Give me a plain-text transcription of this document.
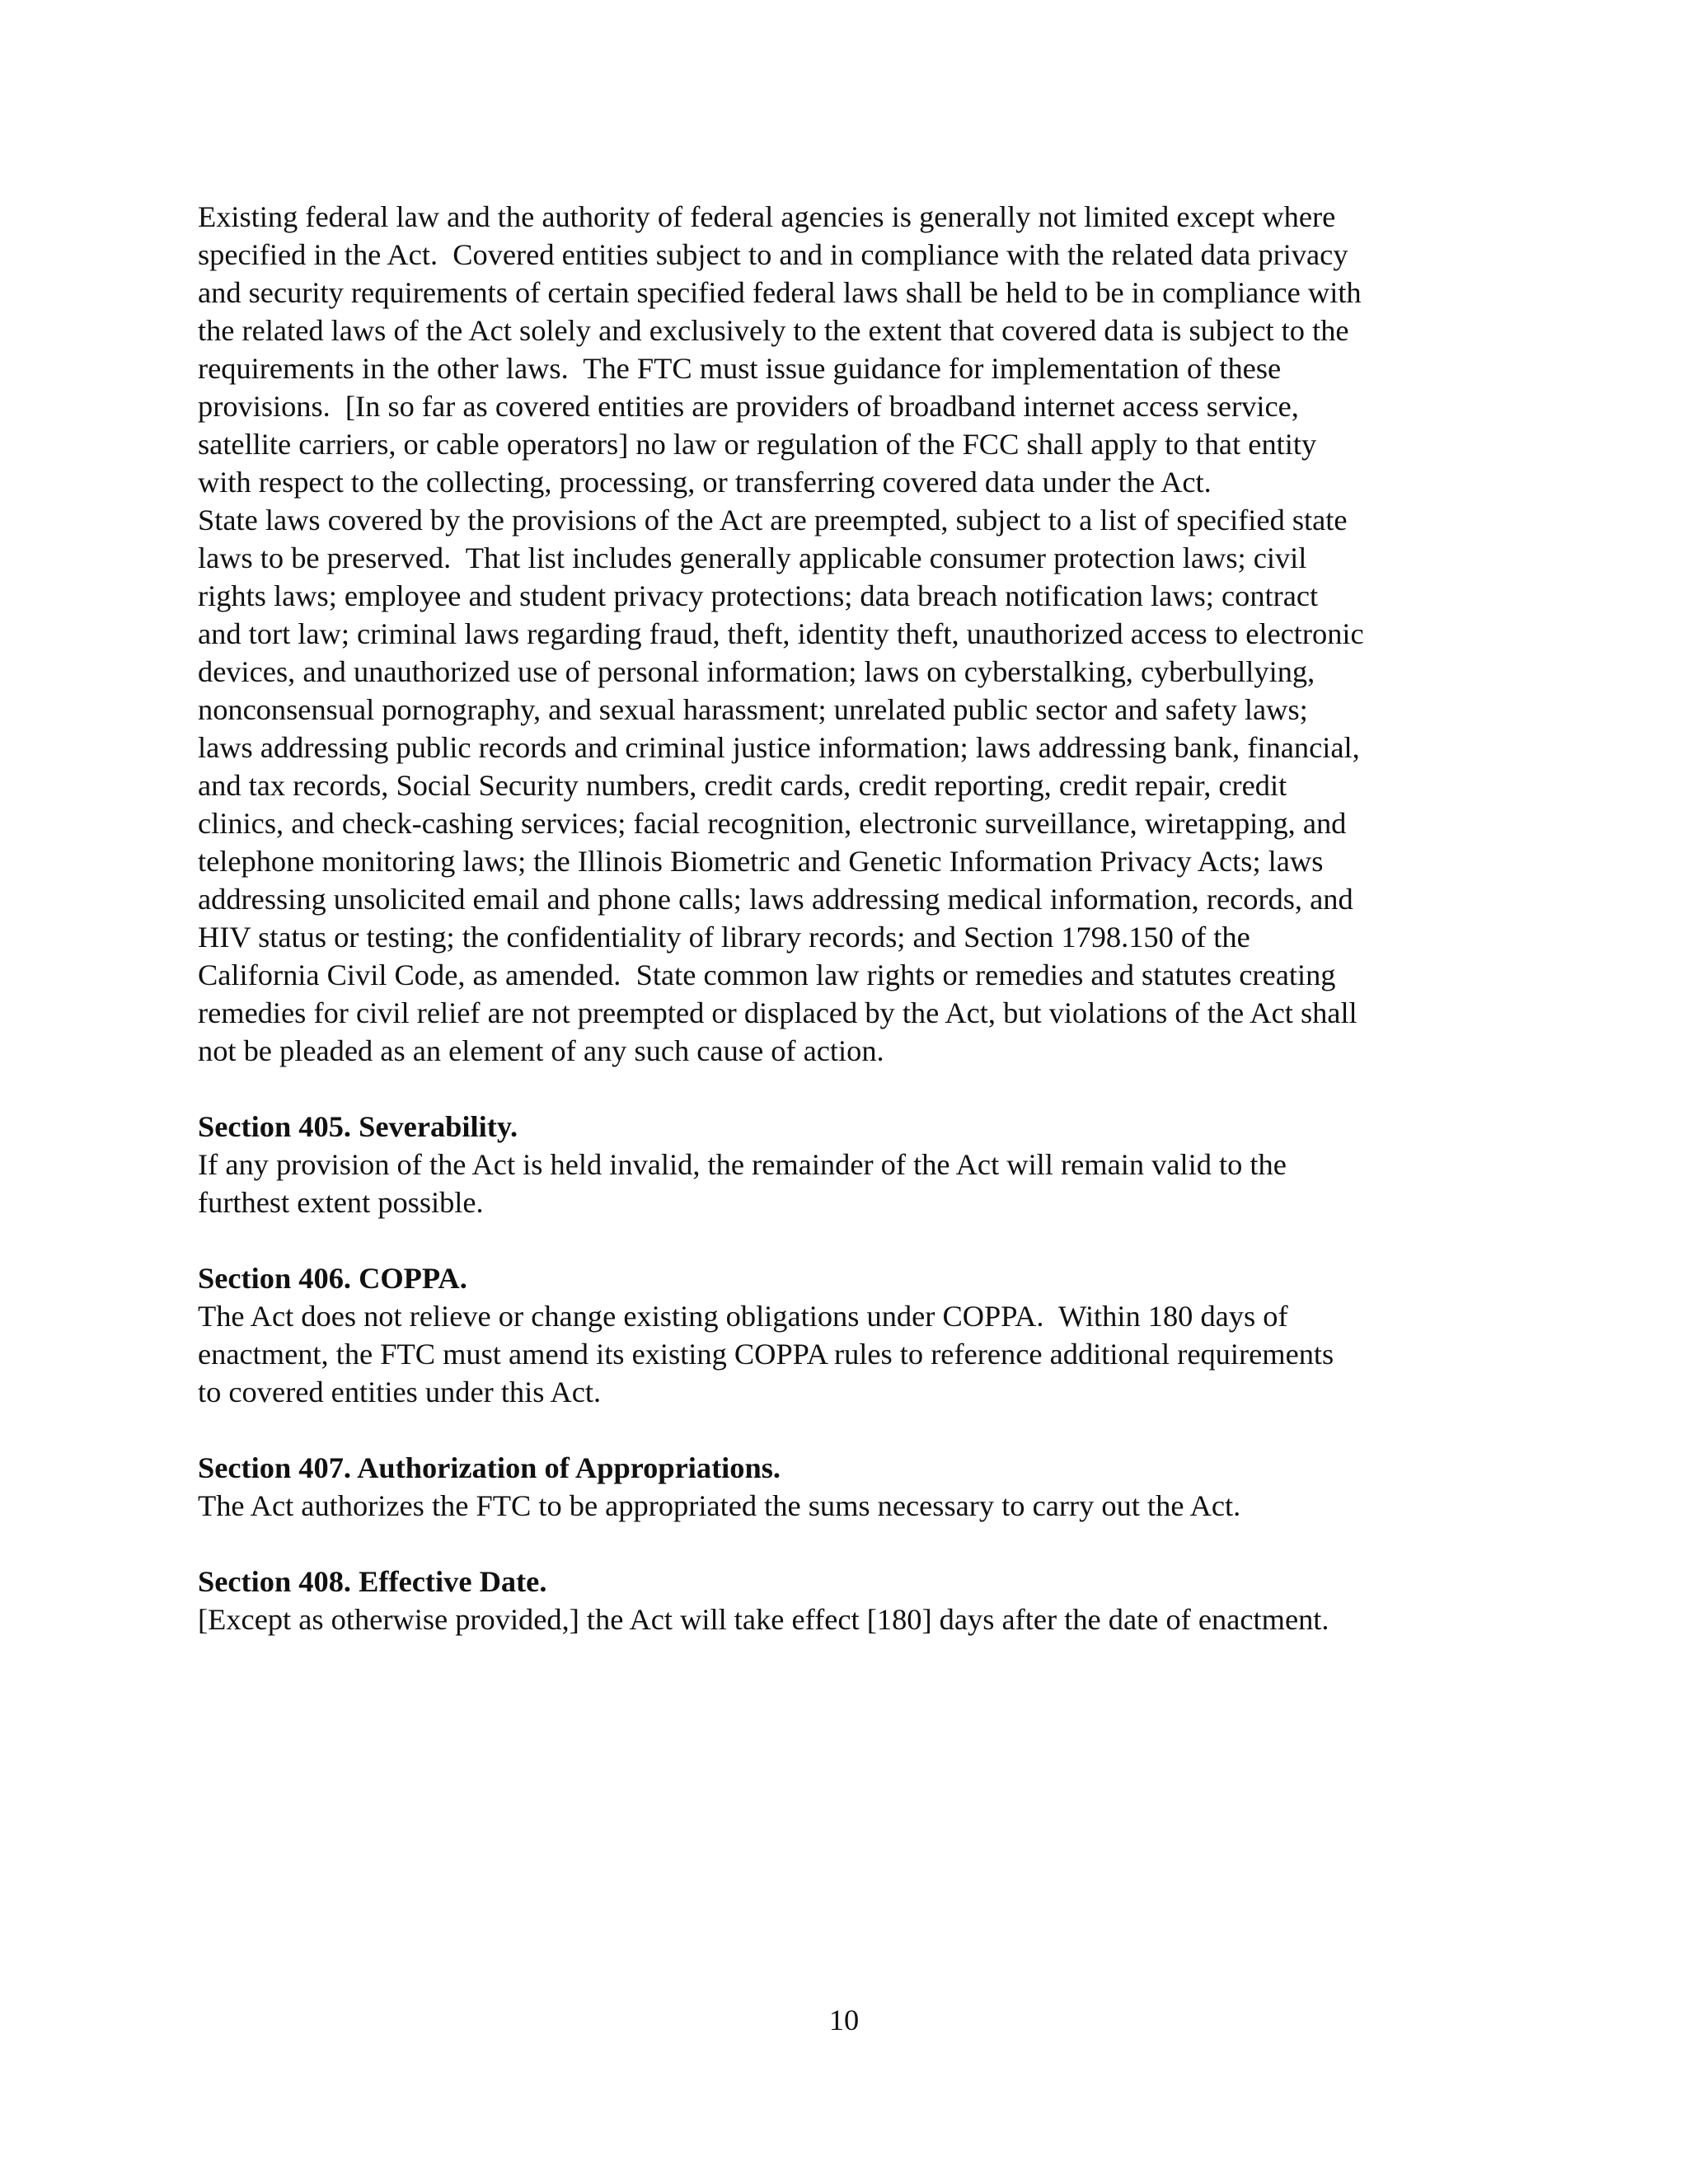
Existing federal law and the authority of federal agencies is generally not limited except where
specified in the Act.  Covered entities subject to and in compliance with the related data privacy
and security requirements of certain specified federal laws shall be held to be in compliance with
the related laws of the Act solely and exclusively to the extent that covered data is subject to the
requirements in the other laws.  The FTC must issue guidance for implementation of these
provisions.  [In so far as covered entities are providers of broadband internet access service,
satellite carriers, or cable operators] no law or regulation of the FCC shall apply to that entity
with respect to the collecting, processing, or transferring covered data under the Act.

State laws covered by the provisions of the Act are preempted, subject to a list of specified state
laws to be preserved.  That list includes generally applicable consumer protection laws; civil
rights laws; employee and student privacy protections; data breach notification laws; contract
and tort law; criminal laws regarding fraud, theft, identity theft, unauthorized access to electronic
devices, and unauthorized use of personal information; laws on cyberstalking, cyberbullying,
nonconsensual pornography, and sexual harassment; unrelated public sector and safety laws;
laws addressing public records and criminal justice information; laws addressing bank, financial,
and tax records, Social Security numbers, credit cards, credit reporting, credit repair, credit
clinics, and check-cashing services; facial recognition, electronic surveillance, wiretapping, and
telephone monitoring laws; the Illinois Biometric and Genetic Information Privacy Acts; laws
addressing unsolicited email and phone calls; laws addressing medical information, records, and
HIV status or testing; the confidentiality of library records; and Section 1798.150 of the
California Civil Code, as amended.  State common law rights or remedies and statutes creating
remedies for civil relief are not preempted or displaced by the Act, but violations of the Act shall
not be pleaded as an element of any such cause of action.

Section 405. Severability.

If any provision of the Act is held invalid, the remainder of the Act will remain valid to the
furthest extent possible.

Section 406. COPPA.

The Act does not relieve or change existing obligations under COPPA.  Within 180 days of
enactment, the FTC must amend its existing COPPA rules to reference additional requirements
to covered entities under this Act.

Section 407. Authorization of Appropriations.

The Act authorizes the FTC to be appropriated the sums necessary to carry out the Act.

Section 408. Effective Date.

[Except as otherwise provided,] the Act will take effect [180] days after the date of enactment.

10
